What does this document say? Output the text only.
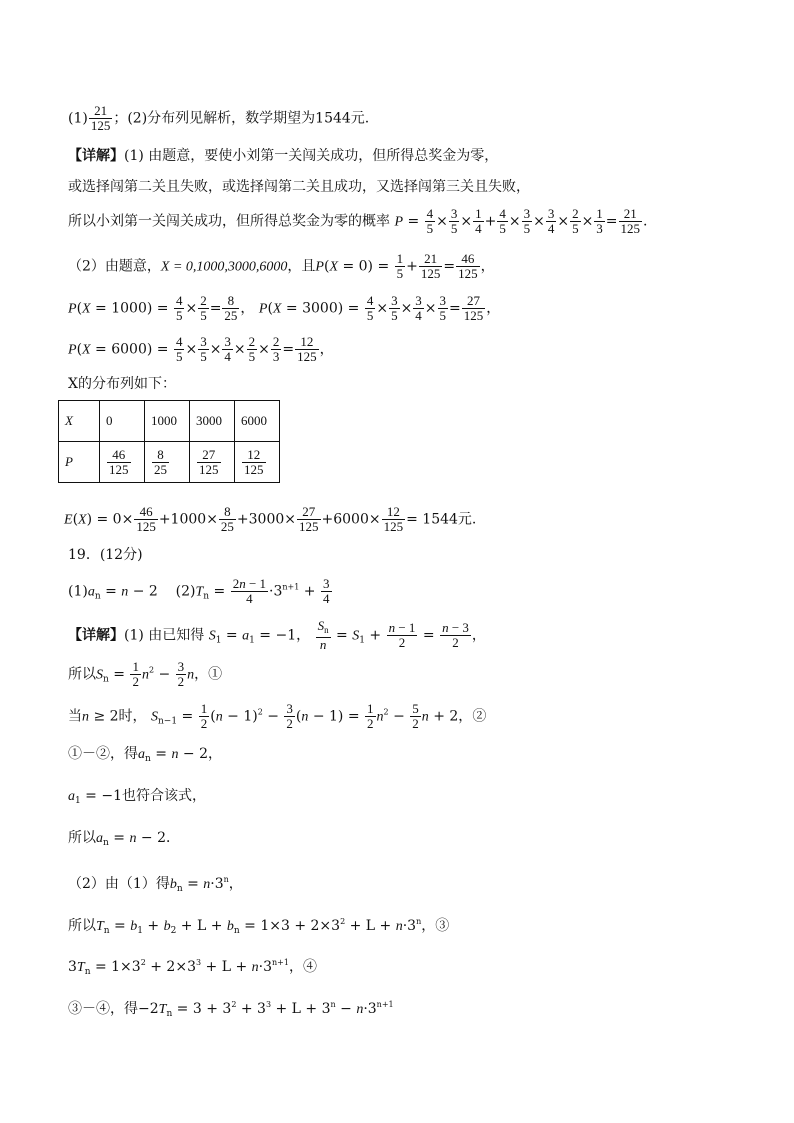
$(1) \frac{21}{125}$ ；(2)分布列见解析，数学期望为1544元.
【详解】(1) 由题意，要使小刘第一关闯关成功，但所得总奖金为零，
或选择闯第二关且失败，或选择闯第二关且成功，又选择闯第三关且失败，
所以小刘第一关闯关成功，但所得总奖金为零的概率 $P = \frac{4}{5} \times \frac{3}{5} \times \frac{1}{4} + \frac{4}{5} \times \frac{3}{5} \times \frac{3}{4} \times \frac{2}{5} \times \frac{1}{3} = \frac{21}{125}$ .
（2）由题意，X = 0,1000,3000,6000，且$P(X = 0) = \frac{1}{5} + \frac{21}{125} = \frac{46}{125}$ ，
$P(X = 1000) = \frac{4}{5} \times \frac{2}{5} = \frac{8}{25}$ ， $P(X = 3000) = \frac{4}{5} \times \frac{3}{5} \times \frac{3}{4} \times \frac{3}{5} = \frac{27}{125}$ ，
$P(X = 6000) = \frac{4}{5} \times \frac{3}{5} \times \frac{3}{4} \times \frac{2}{5} \times \frac{2}{3} = \frac{12}{125}$ ，
X的分布列如下：
X	0	1000	3000	6000
P	$\frac{46}{125}$	$\frac{8}{25}$	$\frac{27}{125}$	$\frac{12}{125}$
$E(X) = 0\times \frac{46}{125} +1000\times \frac{8}{25} +3000\times \frac{27}{125} +6000\times \frac{12}{125} = 1544$元.
19．(12分)
$(1)a_n = n - 2$    $(2)T_n = \frac{2n - 1}{4} \cdot 3^{n+1} + \frac{3}{4}$
【详解】(1) 由已知得 $S_1 = a_1 = -1$， $\frac{S_n}{n} = S_1 + \frac{n - 1}{2} = \frac{n - 3}{2}$ ，
所以$S_n = \frac{1}{2} n^2 - \frac{3}{2}$ n，①
当n ≥ 2时， $S_{n-1} = \frac{1}{2} (n - 1)^2 - \frac{3}{2} (n - 1) = \frac{1}{2} n^2 - \frac{5}{2}$ n + 2，②
①－②，得$a_n = n - 2$，
$a_1 = -1$也符合该式，
所以$a_n = n - 2$．
（2）由（1）得$b_n = n\cdot 3^n$，
所以$T_n = b_1 + b_2 + L + b_n = 1\times 3 + 2\times 3^2 + L + n\cdot 3^n$，③
$3T_n = 1\times 3^2 + 2\times 3^3 + L + n\cdot 3^{n+1}$，④
③－④，得$-2T_n = 3 + 3^2 + 3^3 + L + 3^n - n\cdot 3^{n+1}$
